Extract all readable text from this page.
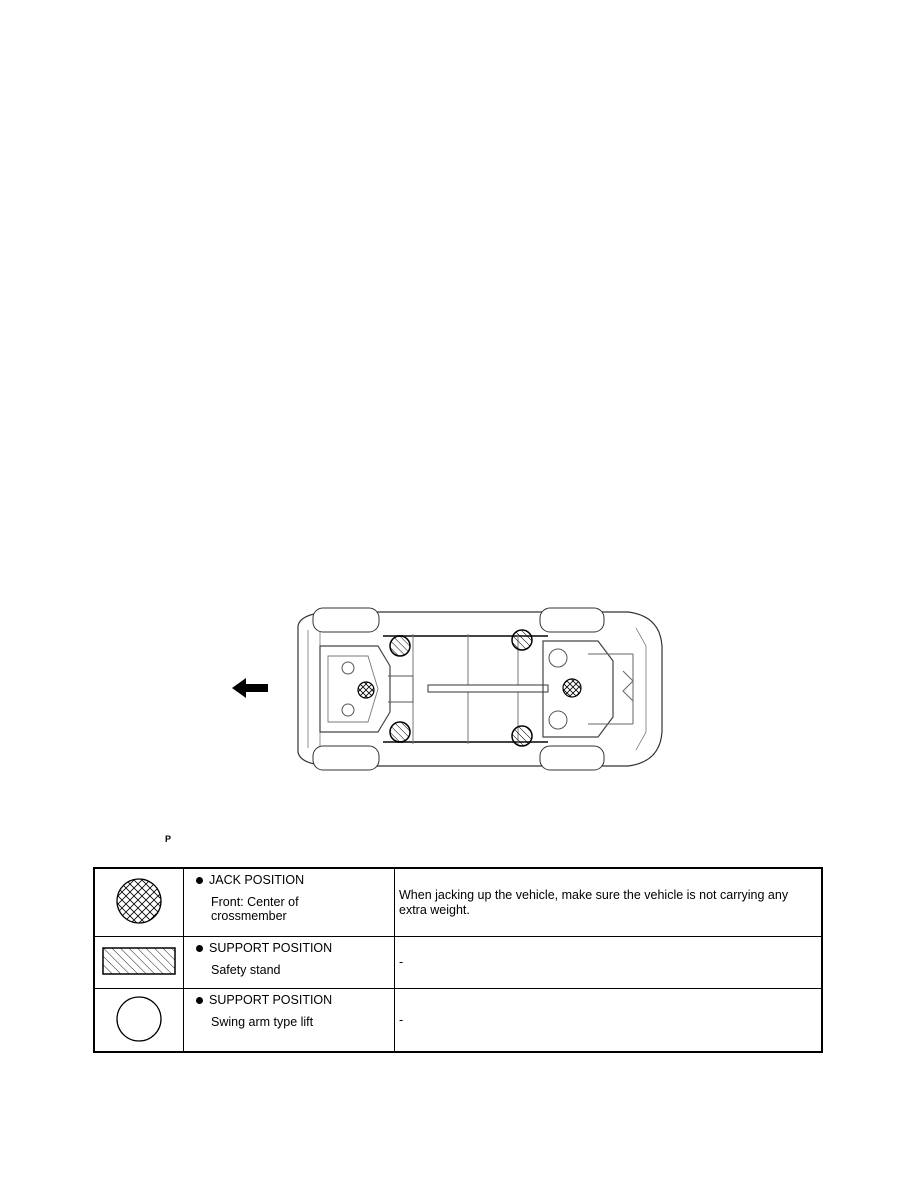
P

JACK POSITION
Front: Center of crossmember	When jacking up the vehicle, make sure the vehicle is not carrying any extra weight.

SUPPORT POSITION
Safety stand	-

SUPPORT POSITION
Swing arm type lift	-
